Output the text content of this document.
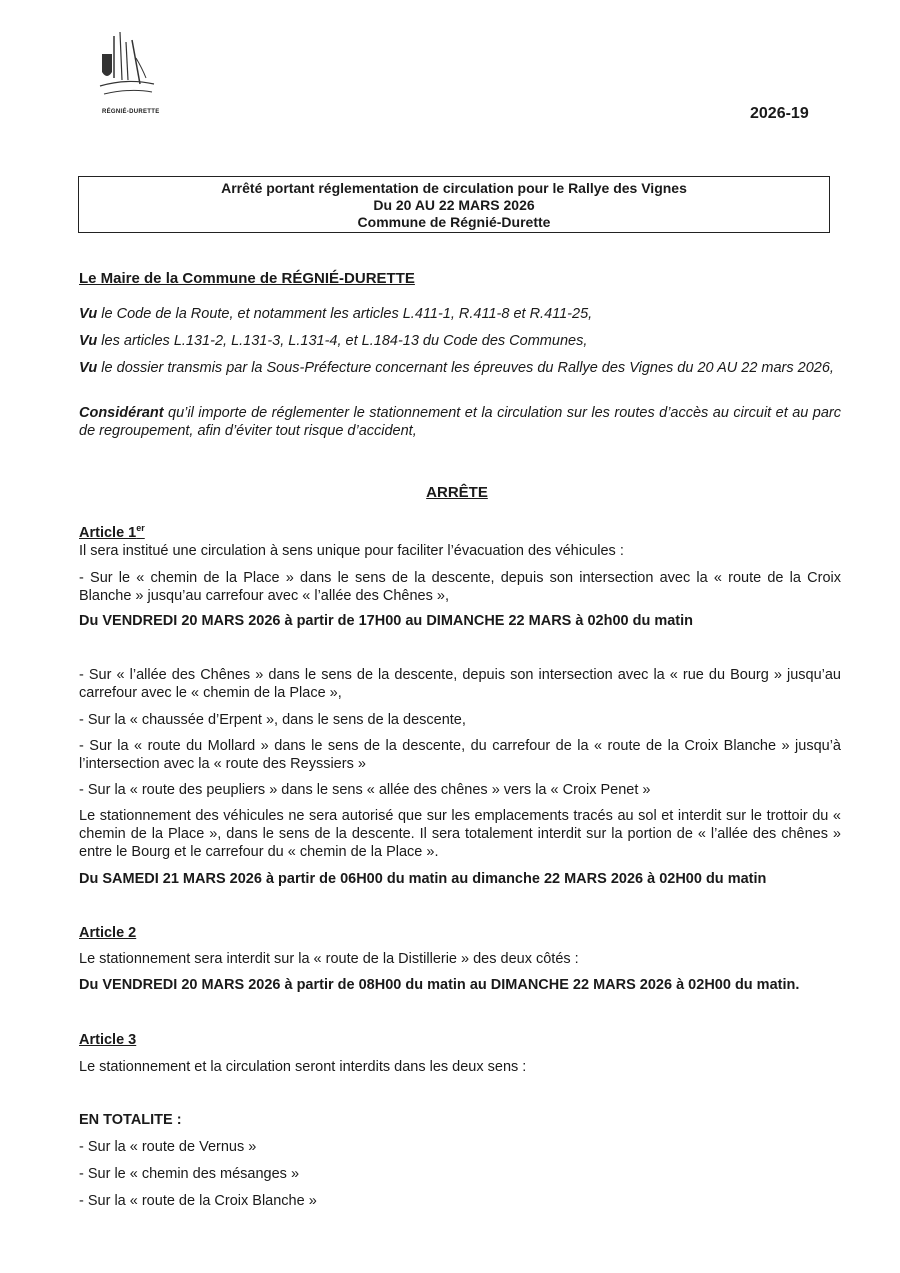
RÉGNIÉ-DURETTE	2026-19
Arrêté portant réglementation de circulation pour le Rallye des Vignes
Du 20 AU 22 MARS 2026
Commune de Régnié-Durette
Le Maire de la Commune de RÉGNIÉ-DURETTE
Vu le Code de la Route, et notamment les articles L.411-1, R.411-8 et R.411-25,
Vu les articles L.131-2, L.131-3, L.131-4, et L.184-13 du Code des Communes,
Vu le dossier transmis par la Sous-Préfecture concernant les épreuves du Rallye des Vignes du 20 AU 22 mars 2026,
Considérant qu’il importe de réglementer le stationnement et la circulation sur les routes d’accès au circuit et au parc de regroupement, afin d’éviter tout risque d’accident,
ARRÊTE
Article 1er
Il sera institué une circulation à sens unique pour faciliter l’évacuation des véhicules :
- Sur le « chemin de la Place » dans le sens de la descente, depuis son intersection avec la « route de la Croix Blanche » jusqu’au carrefour avec « l’allée des Chênes »,
Du VENDREDI 20 MARS 2026 à partir de 17H00 au DIMANCHE 22 MARS à 02h00 du matin
- Sur « l’allée des Chênes » dans le sens de la descente, depuis son intersection avec la « rue du Bourg » jusqu’au carrefour avec le « chemin de la Place »,
- Sur la « chaussée d’Erpent », dans le sens de la descente,
- Sur la « route du Mollard » dans le sens de la descente, du carrefour de la « route de la Croix Blanche » jusqu’à l’intersection avec la « route des Reyssiers »
- Sur la « route des peupliers » dans le sens « allée des chênes » vers la « Croix Penet »
Le stationnement des véhicules ne sera autorisé que sur les emplacements tracés au sol et interdit sur le trottoir du « chemin de la Place », dans le sens de la descente. Il sera totalement interdit sur la portion de « l’allée des chênes » entre le Bourg et le carrefour du « chemin de la Place ».
Du SAMEDI 21 MARS 2026 à partir de 06H00 du matin au dimanche 22 MARS 2026 à 02H00 du matin
Article 2
Le stationnement sera interdit sur la « route de la Distillerie » des deux côtés :
Du VENDREDI 20 MARS 2026 à partir de 08H00 du matin au DIMANCHE 22 MARS 2026 à 02H00 du matin.
Article 3
Le stationnement et la circulation seront interdits dans les deux sens :
EN TOTALITE :
- Sur la « route de Vernus »
- Sur le « chemin des mésanges »
- Sur la « route de la Croix Blanche »
